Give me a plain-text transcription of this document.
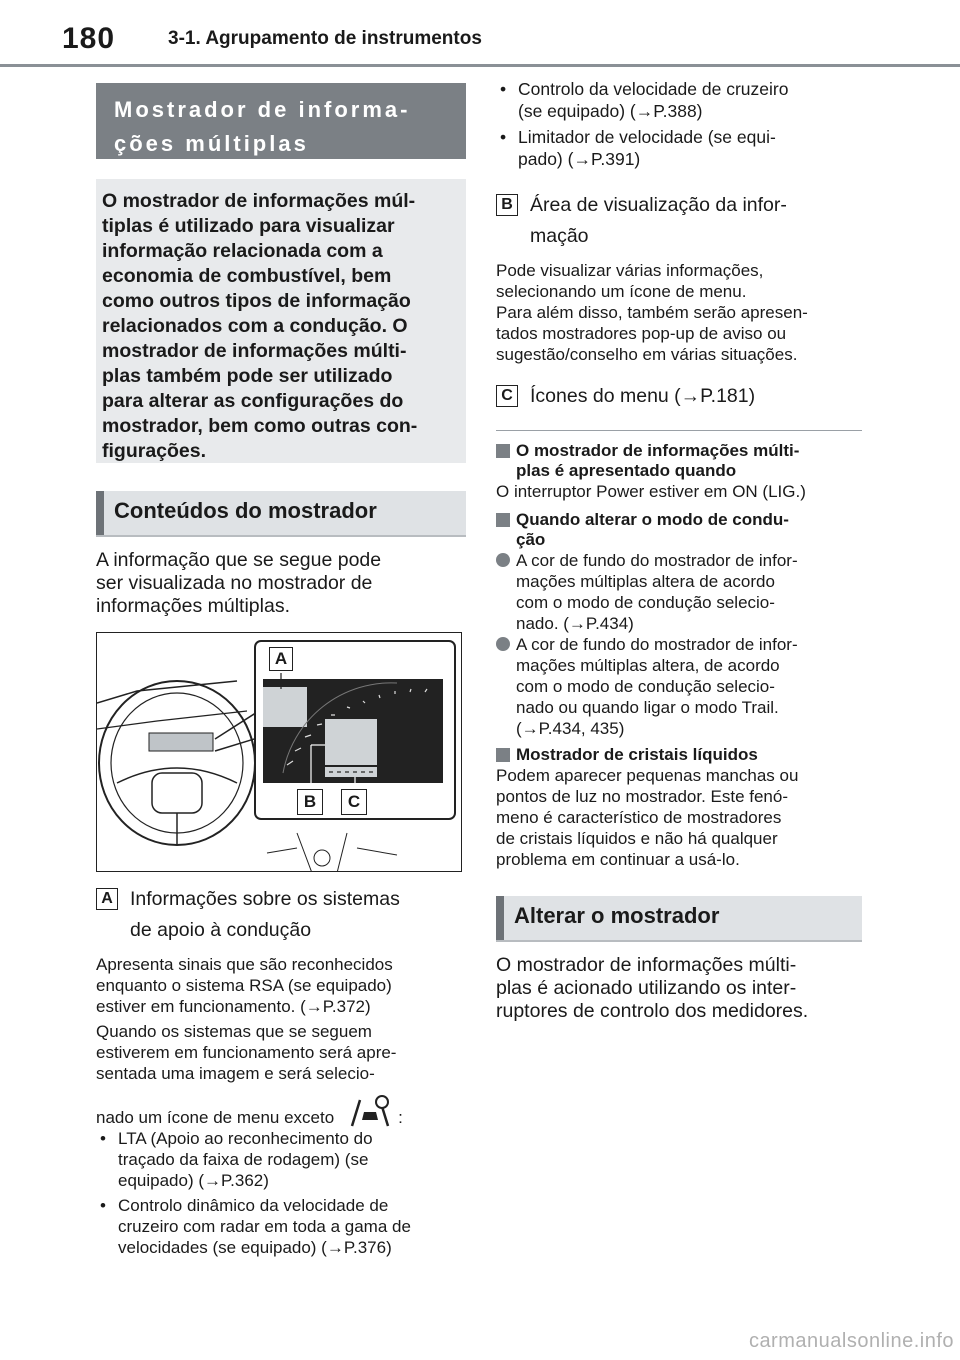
180	3-1. Agrupamento de instrumentos
Mostrador de informa-
ções múltiplas

O mostrador de informações múl-

tiplas é utilizado para visualizar

informação relacionada com a

economia de combustível, bem

como outros tipos de informação

relacionados com a condução. O

mostrador de informações múlti-

plas também pode ser utilizado

para alterar as configurações do

mostrador, bem como outras con-

figurações.

Conteúdos do mostrador
A informação que se segue pode
ser visualizada no mostrador de
informações múltiplas.
A
B	C
A Informações sobre os sistemas
de apoio à condução
Apresenta sinais que são reconhecidos
enquanto o sistema RSA (se equipado)
estiver em funcionamento. (→P.372)
Quando os sistemas que se seguem
estiverem em funcionamento será apre-
sentada uma imagem e será selecio-
nado um ícone de menu exceto	:
• LTA (Apoio ao reconhecimento do
traçado da faixa de rodagem) (se
equipado) (→P.362)
• Controlo dinâmico da velocidade de
cruzeiro com radar em toda a gama de
velocidades (se equipado) (→P.376)
• Controlo da velocidade de cruzeiro
(se equipado) (→P.388)
• Limitador de velocidade (se equi-
pado) (→P.391)
B Área de visualização da infor-
mação
Pode visualizar várias informações,
selecionando um ícone de menu.
Para além disso, também serão apresen-
tados mostradores pop-up de aviso ou
sugestão/conselho em várias situações.
C Ícones do menu (→P.181)
O mostrador de informações múlti-
plas é apresentado quando
O interruptor Power estiver em ON (LIG.)
Quando alterar o modo de condu-
ção
A cor de fundo do mostrador de infor-
mações múltiplas altera de acordo
com o modo de condução selecio-
nado. (→P.434)
A cor de fundo do mostrador de infor-
mações múltiplas altera, de acordo
com o modo de condução selecio-
nado ou quando ligar o modo Trail.
(→P.434, 435)
Mostrador de cristais líquidos
Podem aparecer pequenas manchas ou
pontos de luz no mostrador. Este fenó-
meno é característico de mostradores
de cristais líquidos e não há qualquer
problema em continuar a usá-lo.
Alterar o mostrador
O mostrador de informações múlti-
plas é acionado utilizando os inter-
ruptores de controlo dos medidores.
carmanualsonline.info
